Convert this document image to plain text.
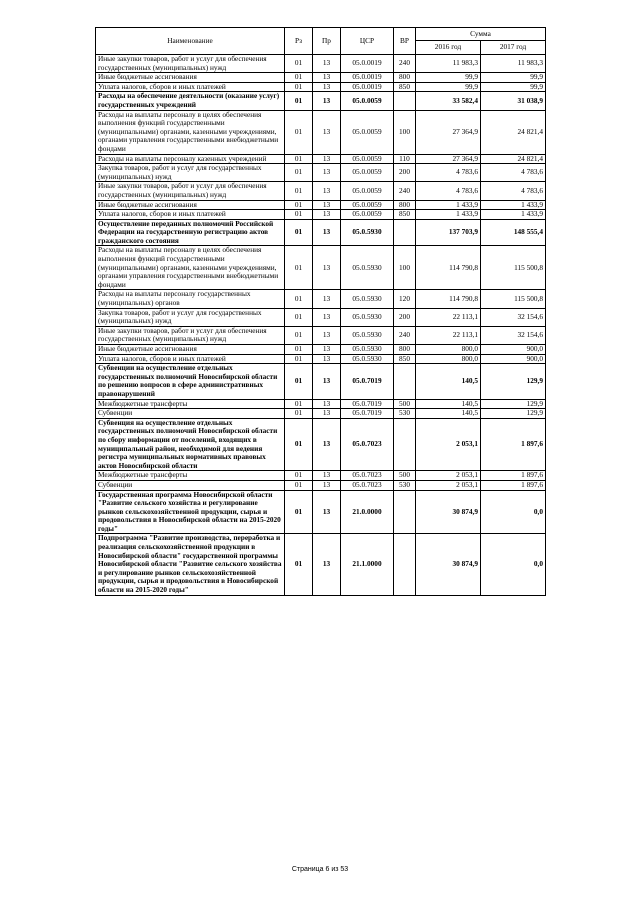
Наименование	Рз	Пр	ЦСР	ВР	Сумма	
					2016 год	2017 год
Иные закупки товаров, работ и услуг для обеспечения государственных (муниципальных) нужд	01	13	05.0.0019	240	11 983,3	11 983,3
Иные бюджетные ассигнования	01	13	05.0.0019	800	99,9	99,9
Уплата налогов, сборов и иных платежей	01	13	05.0.0019	850	99,9	99,9
Расходы на обеспечение деятельности (оказание услуг) государственных учреждений	01	13	05.0.0059		33 582,4	31 038,9
Расходы на выплаты персоналу в целях обеспечения выполнения функций государственными (муниципальными) органами, казенными учреждениями, органами управления государственными внебюджетными фондами	01	13	05.0.0059	100	27 364,9	24 821,4
Расходы на выплаты персоналу казенных учреждений	01	13	05.0.0059	110	27 364,9	24 821,4
Закупка товаров, работ и услуг для государственных (муниципальных) нужд	01	13	05.0.0059	200	4 783,6	4 783,6
Иные закупки товаров, работ и услуг для обеспечения государственных (муниципальных) нужд	01	13	05.0.0059	240	4 783,6	4 783,6
Иные бюджетные ассигнования	01	13	05.0.0059	800	1 433,9	1 433,9
Уплата налогов, сборов и иных платежей	01	13	05.0.0059	850	1 433,9	1 433,9
Осуществление переданных полномочий Российской Федерации на государственную регистрацию актов гражданского состояния	01	13	05.0.5930		137 703,9	148 555,4
Расходы на выплаты персоналу в целях обеспечения выполнения функций государственными (муниципальными) органами, казенными учреждениями, органами управления государственными внебюджетными фондами	01	13	05.0.5930	100	114 790,8	115 500,8
Расходы на выплаты персоналу государственных (муниципальных) органов	01	13	05.0.5930	120	114 790,8	115 500,8
Закупка товаров, работ и услуг для государственных (муниципальных) нужд	01	13	05.0.5930	200	22 113,1	32 154,6
Иные закупки товаров, работ и услуг для обеспечения государственных (муниципальных) нужд	01	13	05.0.5930	240	22 113,1	32 154,6
Иные бюджетные ассигнования	01	13	05.0.5930	800	800,0	900,0
Уплата налогов, сборов и иных платежей	01	13	05.0.5930	850	800,0	900,0
Субвенции на осуществление отдельных государственных полномочий Новосибирской области по решению вопросов в сфере административных правонарушений	01	13	05.0.7019		140,5	129,9
Межбюджетные трансферты	01	13	05.0.7019	500	140,5	129,9
Субвенции	01	13	05.0.7019	530	140,5	129,9
Субвенция на осуществление отдельных государственных полномочий Новосибирской области по сбору информации от поселений, входящих в муниципальный район, необходимой для ведения регистра муниципальных нормативных правовых актов Новосибирской области	01	13	05.0.7023		2 053,1	1 897,6
Межбюджетные трансферты	01	13	05.0.7023	500	2 053,1	1 897,6
Субвенции	01	13	05.0.7023	530	2 053,1	1 897,6
Государственная программа Новосибирской области "Развитие сельского хозяйства и регулирование рынков сельскохозяйственной продукции, сырья и продовольствия в Новосибирской области на 2015-2020 годы"	01	13	21.0.0000		30 874,9	0,0
Подпрограмма "Развитие производства, переработка и реализация сельскохозяйственной продукции в Новосибирской области" государственной программы Новосибирской области "Развитие сельского хозяйства и регулирование рынков сельскохозяйственной продукции, сырья и продовольствия в Новосибирской области на 2015-2020 годы"	01	13	21.1.0000		30 874,9	0,0
Страница 6 из 53
